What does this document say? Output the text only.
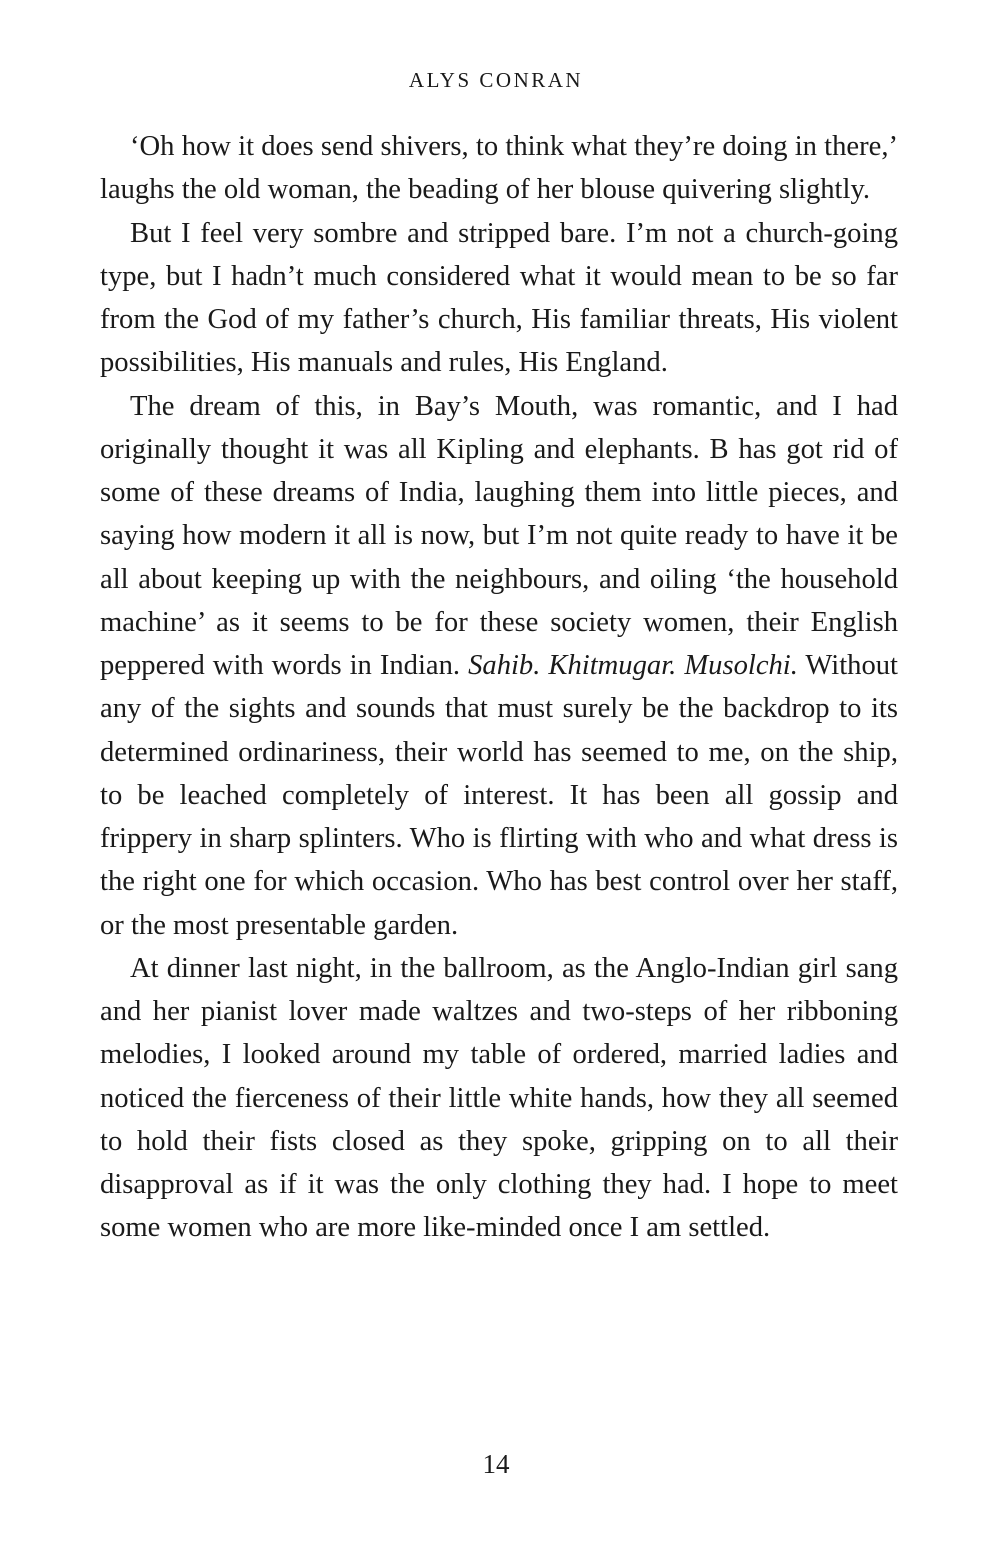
ALYS CONRAN

‘Oh how it does send shivers, to think what they’re doing in there,’ laughs the old woman, the beading of her blouse quivering slightly.

But I feel very sombre and stripped bare. I’m not a church-going type, but I hadn’t much considered what it would mean to be so far from the God of my father’s church, His familiar threats, His violent possibilities, His manuals and rules, His England.

The dream of this, in Bay’s Mouth, was romantic, and I had originally thought it was all Kipling and elephants. B has got rid of some of these dreams of India, laughing them into little pieces, and saying how modern it all is now, but I’m not quite ready to have it be all about keeping up with the neighbours, and oiling ‘the household machine’ as it seems to be for these society women, their English peppered with words in Indian. Sahib. Khitmugar. Musolchi. Without any of the sights and sounds that must surely be the backdrop to its determined ordinariness, their world has seemed to me, on the ship, to be leached completely of interest. It has been all gossip and frippery in sharp splinters. Who is flirting with who and what dress is the right one for which occasion. Who has best control over her staff, or the most presentable garden.

At dinner last night, in the ballroom, as the Anglo-Indian girl sang and her pianist lover made waltzes and two-steps of her ribboning melodies, I looked around my table of ordered, married ladies and noticed the fierceness of their little white hands, how they all seemed to hold their fists closed as they spoke, gripping on to all their disapproval as if it was the only clothing they had. I hope to meet some women who are more like-minded once I am settled.

14
